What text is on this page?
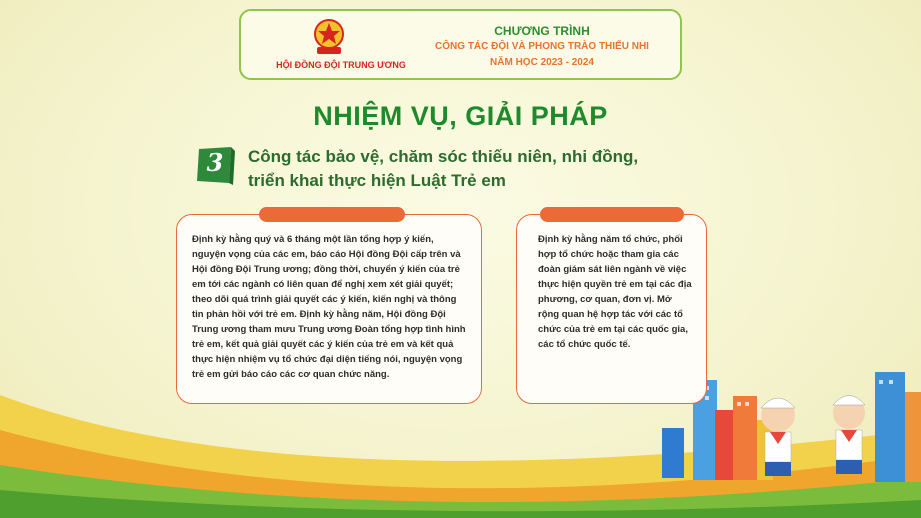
HỘI ĐỒNG ĐỘI TRUNG ƯƠNG
CHƯƠNG TRÌNH
CÔNG TÁC ĐỘI VÀ PHONG TRÀO THIẾU NHI
NĂM HỌC 2023 - 2024
NHIỆM VỤ, GIẢI PHÁP
3	Công tác bảo vệ, chăm sóc thiếu niên, nhi đồng,
triển khai thực hiện Luật Trẻ em
Định kỳ hằng quý và 6 tháng một lần tổng hợp ý kiến, nguyện vọng của các em, báo cáo Hội đồng Đội cấp trên và Hội đồng Đội Trung ương; đồng thời, chuyển ý kiến của trẻ em tới các ngành có liên quan để nghị xem xét giải quyết; theo dõi quá trình giải quyết các ý kiến, kiến nghị và thông tin phản hồi với trẻ em. Định kỳ hằng năm, Hội đồng Đội Trung ương tham mưu Trung ương Đoàn tổng hợp tình hình trẻ em, kết quả giải quyết các ý kiến của trẻ em và kết quả thực hiện nhiệm vụ tổ chức đại diện tiếng nói, nguyện vọng trẻ em gửi báo cáo các cơ quan chức năng.
Định kỳ hằng năm tổ chức, phối hợp tổ chức hoặc tham gia các đoàn giám sát liên ngành về việc thực hiện quyền trẻ em tại các địa phương, cơ quan, đơn vị. Mở rộng quan hệ hợp tác với các tổ chức của trẻ em tại các quốc gia, các tổ chức quốc tế.
